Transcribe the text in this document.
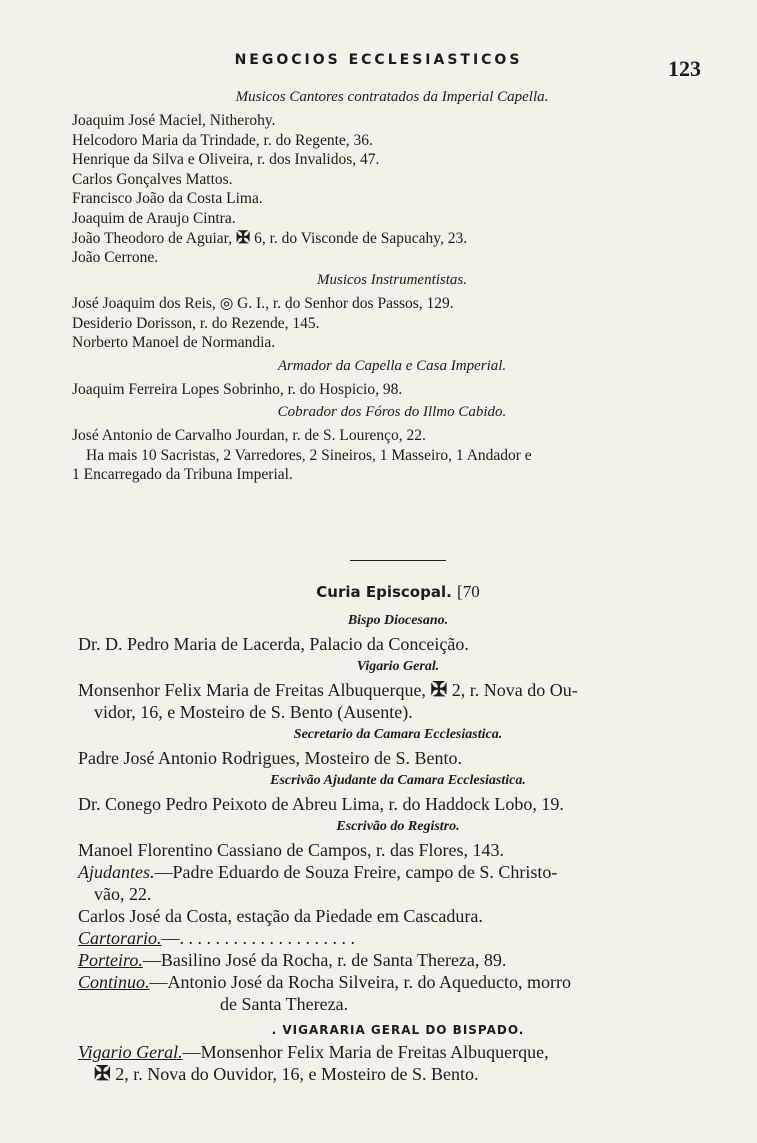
NEGOCIOS ECCLESIASTICOS	123
Musicos Cantores contratados da Imperial Capella.
Joaquim José Maciel, Nitherohy.
Helcodoro Maria da Trindade, r. do Regente, 36.
Henrique da Silva e Oliveira, r. dos Invalidos, 47.
Carlos Gonçalves Mattos.
Francisco João da Costa Lima.
Joaquim de Araujo Cintra.
João Theodoro de Aguiar, ✠ 6, r. do Visconde de Sapucahy, 23.
João Cerrone.
Musicos Instrumentistas.
José Joaquim dos Reis, ◎ G. I., r. do Senhor dos Passos, 129.
Desiderio Dorisson, r. do Rezende, 145.
Norberto Manoel de Normandia.
Armador da Capella e Casa Imperial.
Joaquim Ferreira Lopes Sobrinho, r. do Hospicio, 98.
Cobrador dos Fóros do Illmo Cabido.
José Antonio de Carvalho Jourdan, r. de S. Lourenço, 22.
Ha mais 10 Sacristas, 2 Varredores, 2 Sineiros, 1 Masseiro, 1 Andador e
1 Encarregado da Tribuna Imperial.
Curia Episcopal. [70
Bispo Diocesano.
Dr. D. Pedro Maria de Lacerda, Palacio da Conceição.
Vigario Geral.
Monsenhor Felix Maria de Freitas Albuquerque, ✠ 2, r. Nova do Ou-
vidor, 16, e Mosteiro de S. Bento (Ausente).
Secretario da Camara Ecclesiastica.
Padre José Antonio Rodrigues, Mosteiro de S. Bento.
Escrivão Ajudante da Camara Ecclesiastica.
Dr. Conego Pedro Peixoto de Abreu Lima, r. do Haddock Lobo, 19.
Escrivão do Registro.
Manoel Florentino Cassiano de Campos, r. das Flores, 143.
Ajudantes.—Padre Eduardo de Souza Freire, campo de S. Christo-
vão, 22.
Carlos José da Costa, estação da Piedade em Cascadura.
Cartorario.—. . . . . . . . . . . . . . . . . . . .
Porteiro.—Basilino José da Rocha, r. de Santa Thereza, 89.
Continuo.—Antonio José da Rocha Silveira, r. do Aqueducto, morro
de Santa Thereza.
. VIGARARIA GERAL DO BISPADO.
Vigario Geral.—Monsenhor Felix Maria de Freitas Albuquerque,
✠ 2, r. Nova do Ouvidor, 16, e Mosteiro de S. Bento.
